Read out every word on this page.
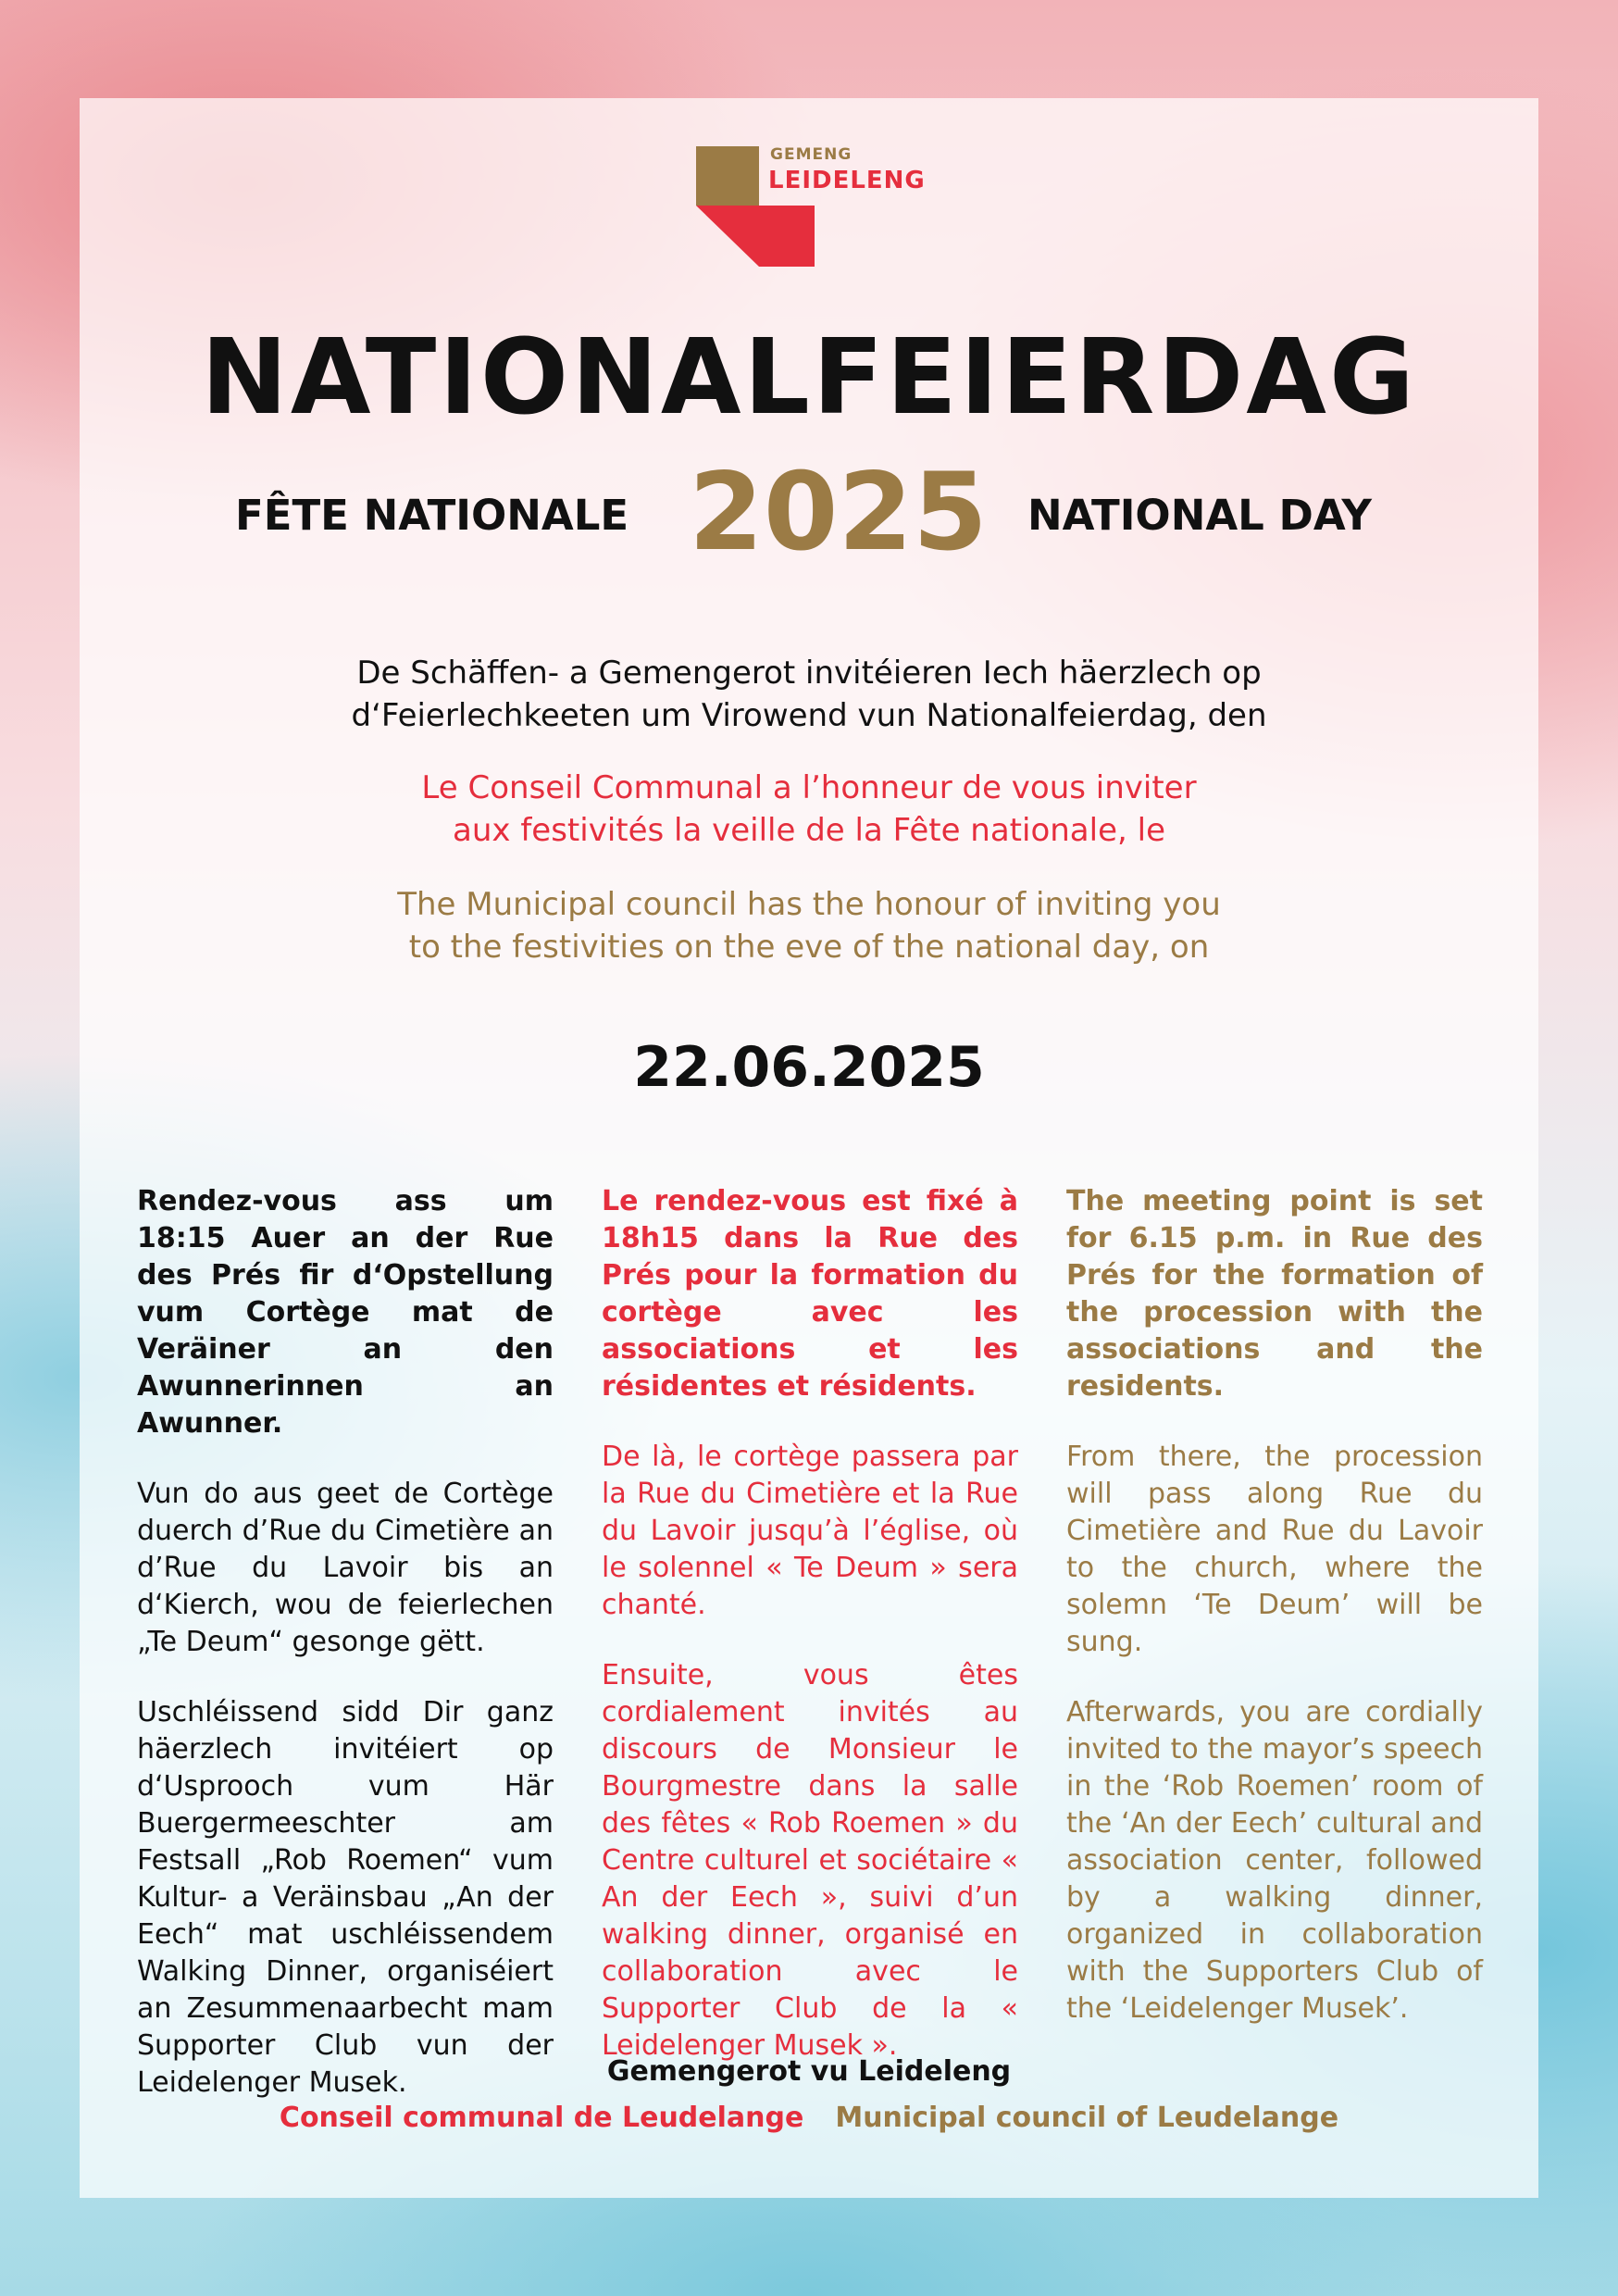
GEMENG
LEIDELENG
NATIONALFEIERDAG
FÊTE NATIONALE 2025 NATIONAL DAY
De Schäffen- a Gemengerot invitéieren Iech häerzlech op
d‘Feierlechkeeten um Virowend vun Nationalfeierdag, den
Le Conseil Communal a l’honneur de vous inviter
aux festivités la veille de la Fête nationale, le
The Municipal council has the honour of inviting you
to the festivities on the eve of the national day, on
22.06.2025

Rendez-vous ass um 18:15 Auer an der Rue des Prés fir d‘Opstellung vum Cortège mat de Veräiner an den Awunnerinnen an Awunner.

Vun do aus geet de Cortège duerch d’Rue du Cimetière an d’Rue du Lavoir bis an d‘Kierch, wou de feierlechen „Te Deum“ gesonge gëtt.

Uschléissend sidd Dir ganz häerzlech invitéiert op d‘Usprooch vum Här Buergermeeschter am Festsall „Rob Roemen“ vum Kultur- a Veräinsbau „An der Eech“ mat uschléissendem Walking Dinner, organiséiert an Zesummenaarbecht mam Supporter Club vun der Leidelenger Musek.

Le rendez-vous est fixé à 18h15 dans la Rue des Prés pour la formation du cortège avec les associations et les résidentes et résidents.

De là, le cortège passera par la Rue du Cimetière et la Rue du Lavoir jusqu’à l’église, où le solennel « Te Deum » sera chanté.

Ensuite, vous êtes cordialement invités au discours de Monsieur le Bourgmestre dans la salle des fêtes « Rob Roemen » du Centre culturel et sociétaire « An der Eech », suivi d’un walking dinner, organisé en collaboration avec le Supporter Club de la « Leidelenger Musek ».

The meeting point is set for 6.15 p.m. in Rue des Prés for the formation of the procession with the associations and the residents.

From there, the procession will pass along Rue du Cimetière and Rue du Lavoir to the church, where the solemn ‘Te Deum’ will be sung.

Afterwards, you are cordially invited to the mayor’s speech in the ‘Rob Roemen’ room of the ‘An der Eech’ cultural and association center, followed by a walking dinner, organized in collaboration with the Supporters Club of the ‘Leidelenger Musek’.

Gemengerot vu Leideleng
Conseil communal de Leudelange Municipal council of Leudelange
